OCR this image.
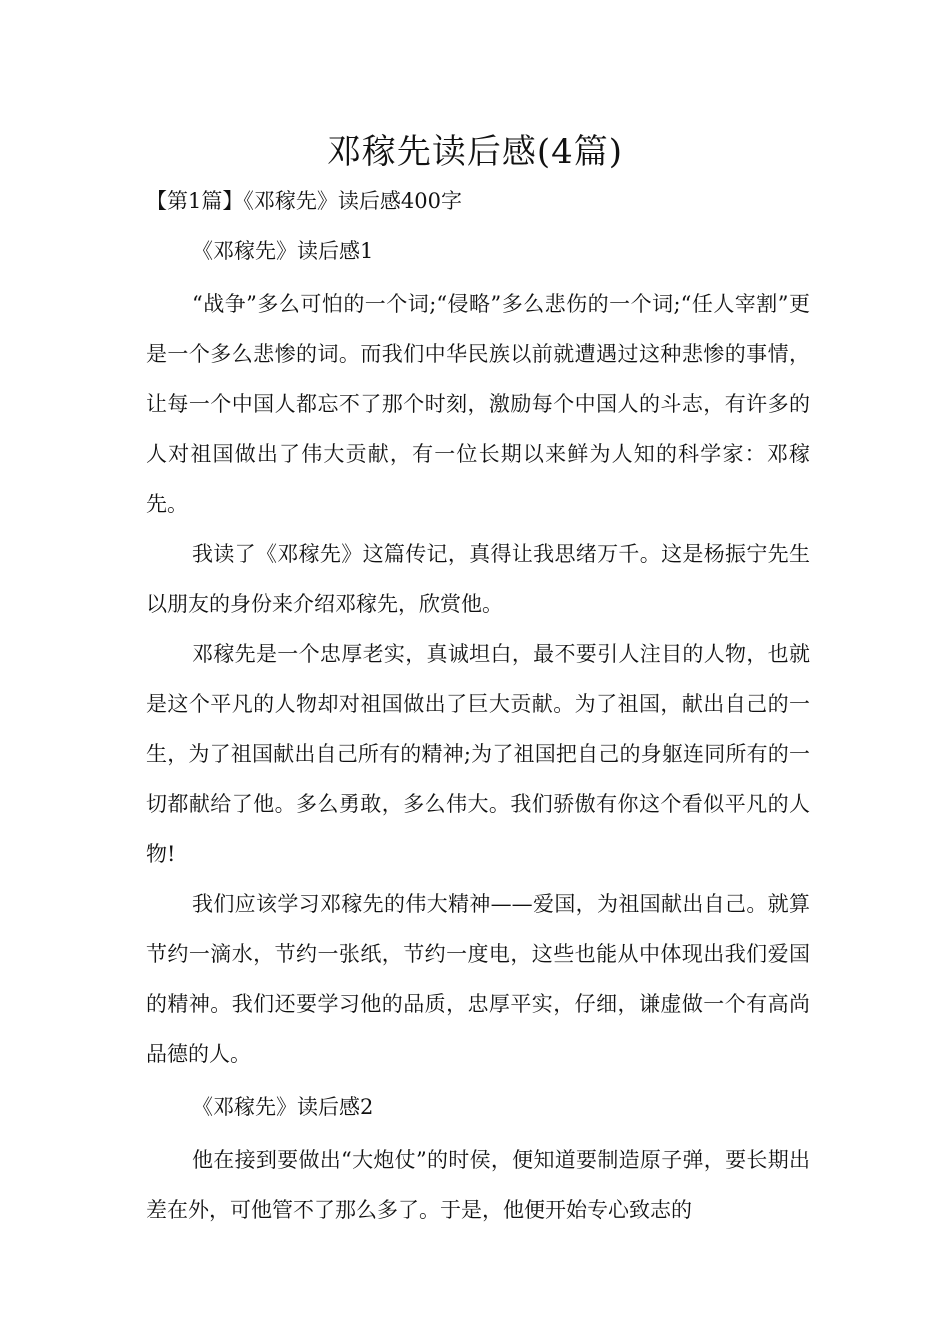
邓稼先读后感(4篇)

【第1篇】《邓稼先》读后感400字

《邓稼先》读后感1

“战争”多么可怕的一个词;“侵略”多么悲伤的一个词;“任人宰割”更是一个多么悲惨的词。而我们中华民族以前就遭遇过这种悲惨的事情，让每一个中国人都忘不了那个时刻，激励每个中国人的斗志，有许多的人对祖国做出了伟大贡献，有一位长期以来鲜为人知的科学家：邓稼先。

我读了《邓稼先》这篇传记，真得让我思绪万千。这是杨振宁先生以朋友的身份来介绍邓稼先，欣赏他。

邓稼先是一个忠厚老实，真诚坦白，最不要引人注目的人物，也就是这个平凡的人物却对祖国做出了巨大贡献。为了祖国，献出自己的一生，为了祖国献出自己所有的精神;为了祖国把自己的身躯连同所有的一切都献给了他。多么勇敢，多么伟大。我们骄傲有你这个看似平凡的人物!

我们应该学习邓稼先的伟大精神——爱国，为祖国献出自己。就算节约一滴水，节约一张纸，节约一度电，这些也能从中体现出我们爱国的精神。我们还要学习他的品质，忠厚平实，仔细，谦虚做一个有高尚品德的人。

《邓稼先》读后感2

他在接到要做出“大炮仗”的时侯，便知道要制造原子弹，要长期出差在外，可他管不了那么多了。于是，他便开始专心致志的
